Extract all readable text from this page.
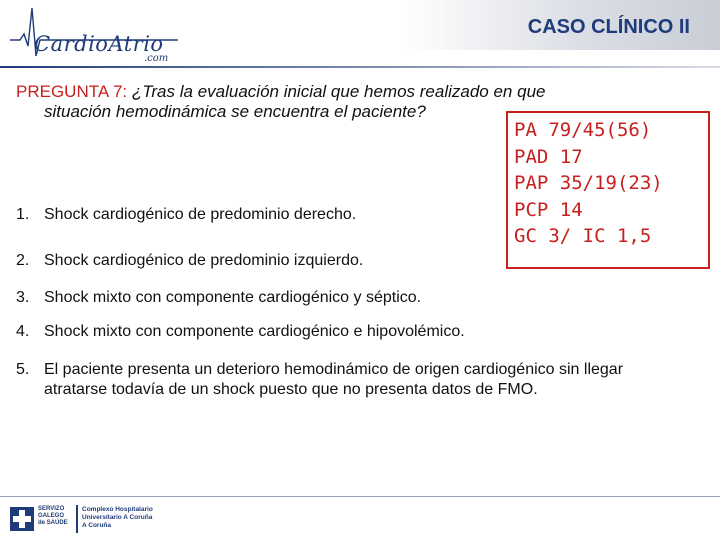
CASO CLÍNICO II
CardioAtrio
.com
PREGUNTA 7: ¿Tras la evaluación inicial que hemos realizado en que
situación hemodinámica se encuentra el paciente?
PA 79/45(56)
PAD 17
PAP 35/19(23)
PCP 14
GC 3/ IC 1,5
1. Shock cardiogénico de predominio derecho.
2. Shock cardiogénico de predominio izquierdo.
3. Shock mixto con componente cardiogénico y séptico.
4. Shock mixto con componente cardiogénico e hipovolémico.
5. El paciente presenta un deterioro hemodinámico de origen cardiogénico sin llegar atratarse todavía de un shock puesto que no presenta datos de FMO.
SERVIZO
GALEGO
de SAÚDE
Complexo Hospitalario
Universitario A Coruña
A Coruña
